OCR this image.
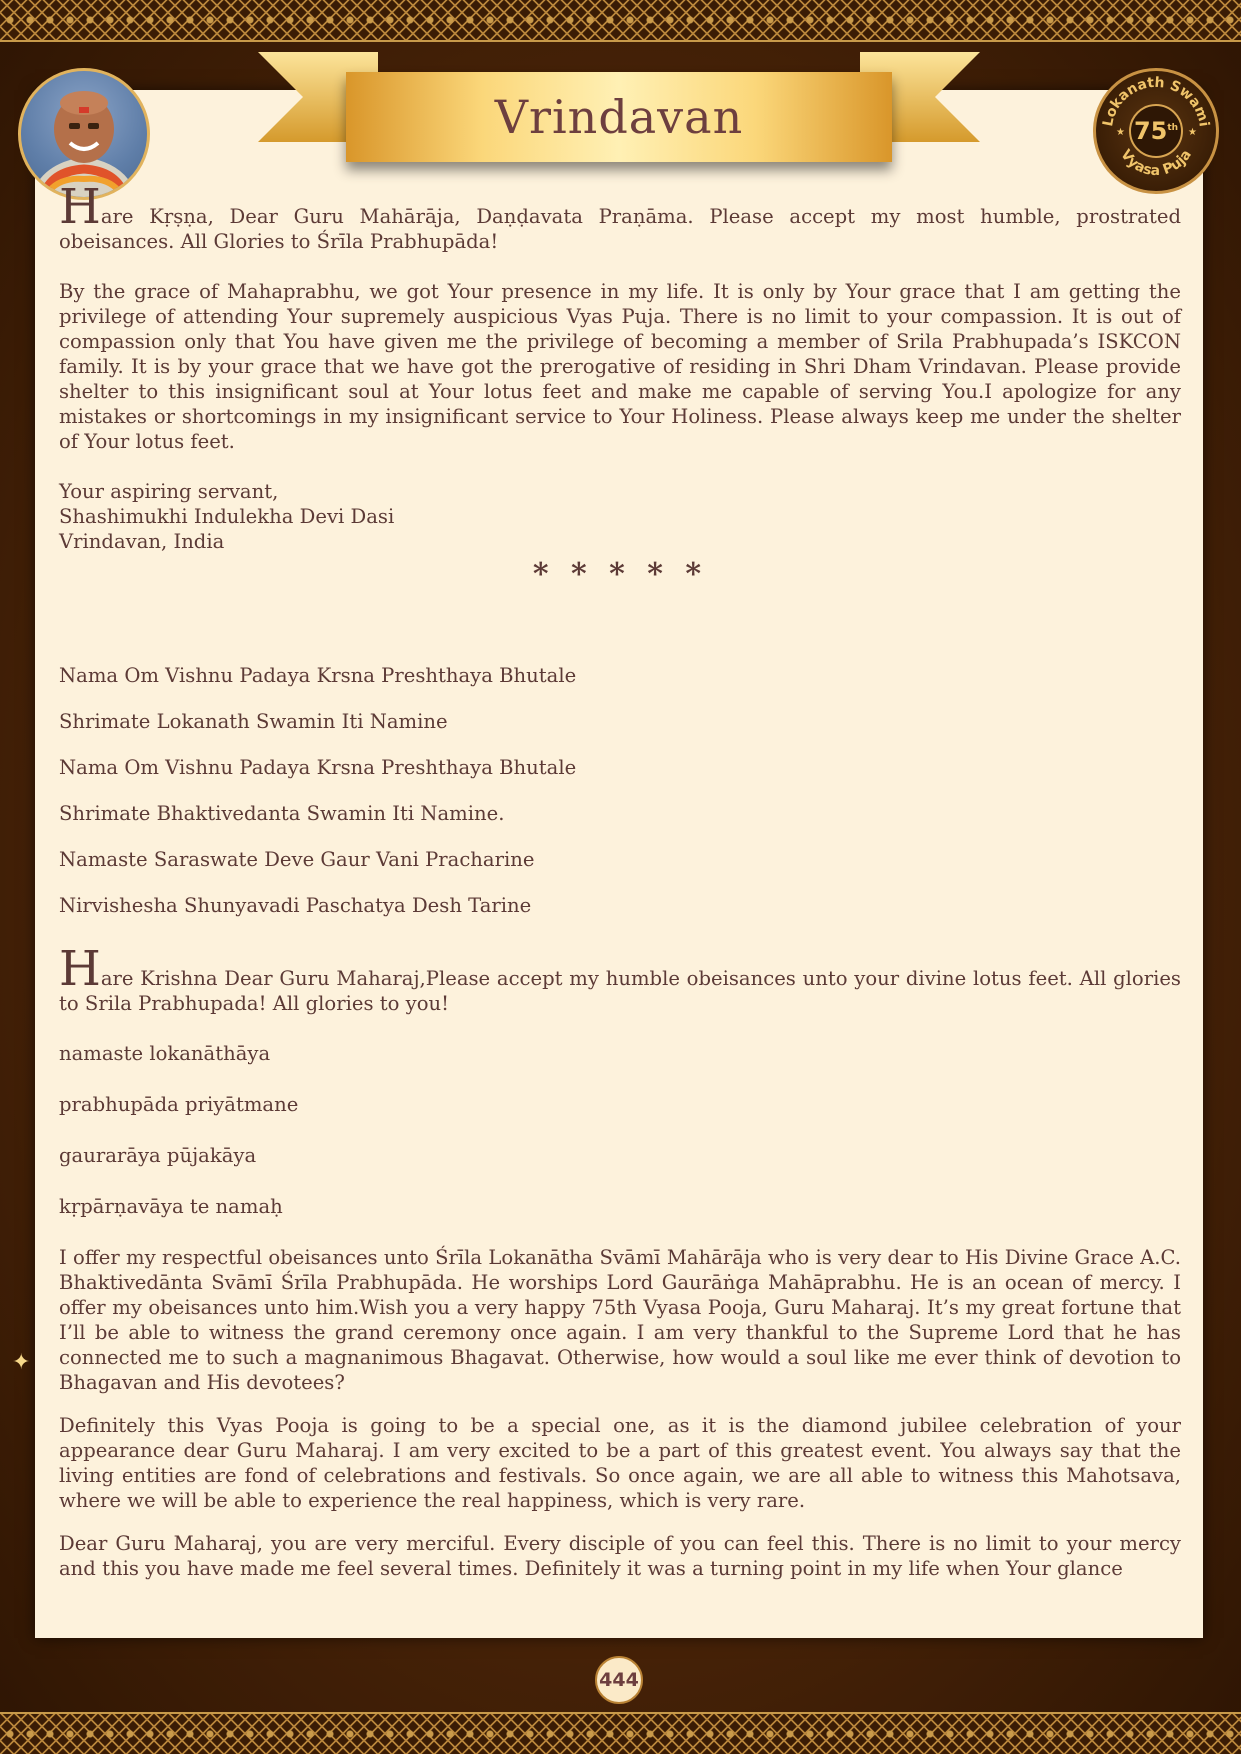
Vrindavan	Lokanath Swami
Vyasa Puja
★	★
75th

Hare Kṛṣṇa, Dear Guru Mahārāja, Daṇḍavata Praṇāma. Please accept my most humble, prostrated obeisances. All Glories to Śrīla Prabhupāda!

By the grace of Mahaprabhu, we got Your presence in my life. It is only by Your grace that I am getting the privilege of attending Your supremely auspicious Vyas Puja. There is no limit to your compassion. It is out of compassion only that You have given me the privilege of becoming a member of Srila Prabhupada’s ISKCON family. It is by your grace that we have got the prerogative of residing in Shri Dham Vrindavan. Please provide shelter to this insignificant soul at Your lotus feet and make me capable of serving You.I apologize for any mistakes or shortcomings in my insignificant service to Your Holiness. Please always keep me under the shelter of Your lotus feet.

Your aspiring servant,

Shashimukhi Indulekha Devi Dasi

Vrindavan, India

* * * * *

Nama Om Vishnu Padaya Krsna Preshthaya Bhutale

Shrimate Lokanath Swamin Iti Namine

Nama Om Vishnu Padaya Krsna Preshthaya Bhutale

Shrimate Bhaktivedanta Swamin Iti Namine.

Namaste Saraswate Deve Gaur Vani Pracharine

Nirvishesha Shunyavadi Paschatya Desh Tarine

Hare Krishna Dear Guru Maharaj,Please accept my humble obeisances unto your divine lotus feet. All glories to Srila Prabhupada! All glories to you!

namaste lokanāthāya

prabhupāda priyātmane

gaurarāya pūjakāya

kṛpārṇavāya te namaḥ

I offer my respectful obeisances unto Śrīla Lokanātha Svāmī Mahārāja who is very dear to His Divine Grace A.C. Bhaktivedānta Svāmī Śrīla Prabhupāda. He worships Lord Gaurāṅga Mahāprabhu. He is an ocean of mercy. I offer my obeisances unto him.Wish you a very happy 75th Vyasa Pooja, Guru Maharaj. It’s my great fortune that I’ll be able to witness the grand ceremony once again. I am very thankful to the Supreme Lord that he has connected me to such a magnanimous Bhagavat. Otherwise, how would a soul like me ever think of devotion to Bhagavan and His devotees?

Definitely this Vyas Pooja is going to be a special one, as it is the diamond jubilee celebration of your appearance dear Guru Maharaj. I am very excited to be a part of this greatest event. You always say that the living entities are fond of celebrations and festivals. So once again, we are all able to witness this Mahotsava, where we will be able to experience the real happiness, which is very rare.

Dear Guru Maharaj, you are very merciful. Every disciple of you can feel this. There is no limit to your mercy and this you have made me feel several times. Definitely it was a turning point in my life when Your glance

✦
444
